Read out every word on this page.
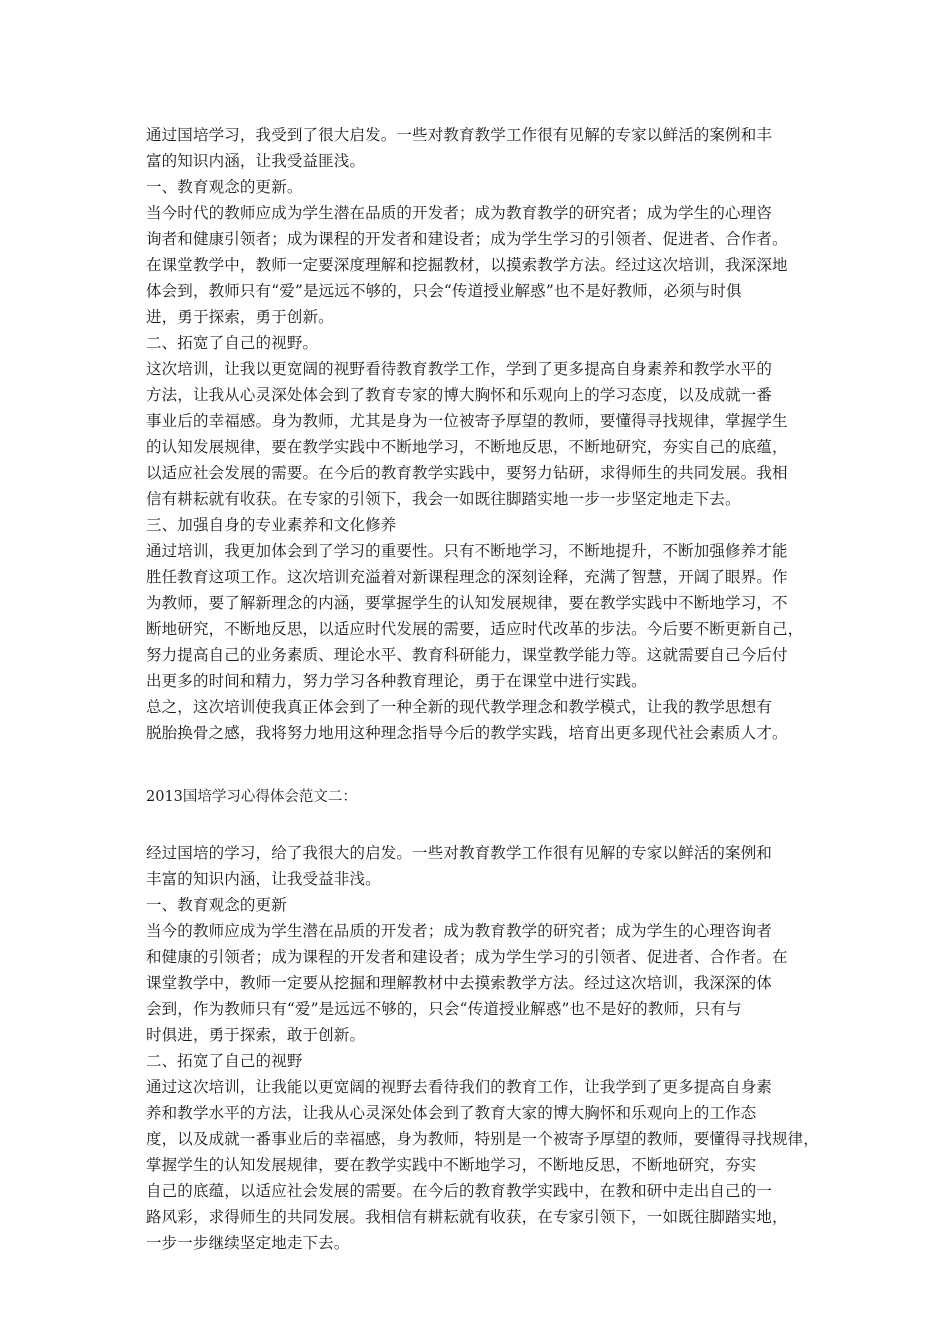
通过国培学习，我受到了很大启发。一些对教育教学工作很有见解的专家以鲜活的案例和丰
富的知识内涵，让我受益匪浅。
一、教育观念的更新。
当今时代的教师应成为学生潜在品质的开发者；成为教育教学的研究者；成为学生的心理咨
询者和健康引领者；成为课程的开发者和建设者；成为学生学习的引领者、促进者、合作者。
在课堂教学中，教师一定要深度理解和挖掘教材，以摸索教学方法。经过这次培训，我深深地
体会到，教师只有“爱”是远远不够的，只会“传道授业解惑”也不是好教师，必须与时俱
进，勇于探索，勇于创新。
二、拓宽了自己的视野。
这次培训，让我以更宽阔的视野看待教育教学工作，学到了更多提高自身素养和教学水平的
方法，让我从心灵深处体会到了教育专家的博大胸怀和乐观向上的学习态度，以及成就一番
事业后的幸福感。身为教师，尤其是身为一位被寄予厚望的教师，要懂得寻找规律，掌握学生
的认知发展规律，要在教学实践中不断地学习，不断地反思，不断地研究，夯实自己的底蕴，
以适应社会发展的需要。在今后的教育教学实践中，要努力钻研，求得师生的共同发展。我相
信有耕耘就有收获。在专家的引领下，我会一如既往脚踏实地一步一步坚定地走下去。
三、加强自身的专业素养和文化修养
通过培训，我更加体会到了学习的重要性。只有不断地学习，不断地提升，不断加强修养才能
胜任教育这项工作。这次培训充溢着对新课程理念的深刻诠释，充满了智慧，开阔了眼界。作
为教师，要了解新理念的内涵，要掌握学生的认知发展规律，要在教学实践中不断地学习，不
断地研究，不断地反思，以适应时代发展的需要，适应时代改革的步法。今后要不断更新自己，
努力提高自己的业务素质、理论水平、教育科研能力，课堂教学能力等。这就需要自己今后付
出更多的时间和精力，努力学习各种教育理论，勇于在课堂中进行实践。
总之，这次培训使我真正体会到了一种全新的现代教学理念和教学模式，让我的教学思想有
脱胎换骨之感，我将努力地用这种理念指导今后的教学实践，培育出更多现代社会素质人才。
2013国培学习心得体会范文二：
经过国培的学习，给了我很大的启发。一些对教育教学工作很有见解的专家以鲜活的案例和
丰富的知识内涵，让我受益非浅。
一、教育观念的更新
当今的教师应成为学生潜在品质的开发者；成为教育教学的研究者；成为学生的心理咨询者
和健康的引领者；成为课程的开发者和建设者；成为学生学习的引领者、促进者、合作者。在
课堂教学中，教师一定要从挖掘和理解教材中去摸索教学方法。经过这次培训，我深深的体
会到，作为教师只有“爱”是远远不够的，只会“传道授业解惑”也不是好的教师，只有与
时俱进，勇于探索，敢于创新。
二、拓宽了自己的视野
通过这次培训，让我能以更宽阔的视野去看待我们的教育工作，让我学到了更多提高自身素
养和教学水平的方法，让我从心灵深处体会到了教育大家的博大胸怀和乐观向上的工作态
度，以及成就一番事业后的幸福感，身为教师，特别是一个被寄予厚望的教师，要懂得寻找规律，
掌握学生的认知发展规律，要在教学实践中不断地学习，不断地反思，不断地研究，夯实
自己的底蕴，以适应社会发展的需要。在今后的教育教学实践中，在教和研中走出自己的一
路风彩，求得师生的共同发展。我相信有耕耘就有收获，在专家引领下，一如既往脚踏实地，
一步一步继续坚定地走下去。
